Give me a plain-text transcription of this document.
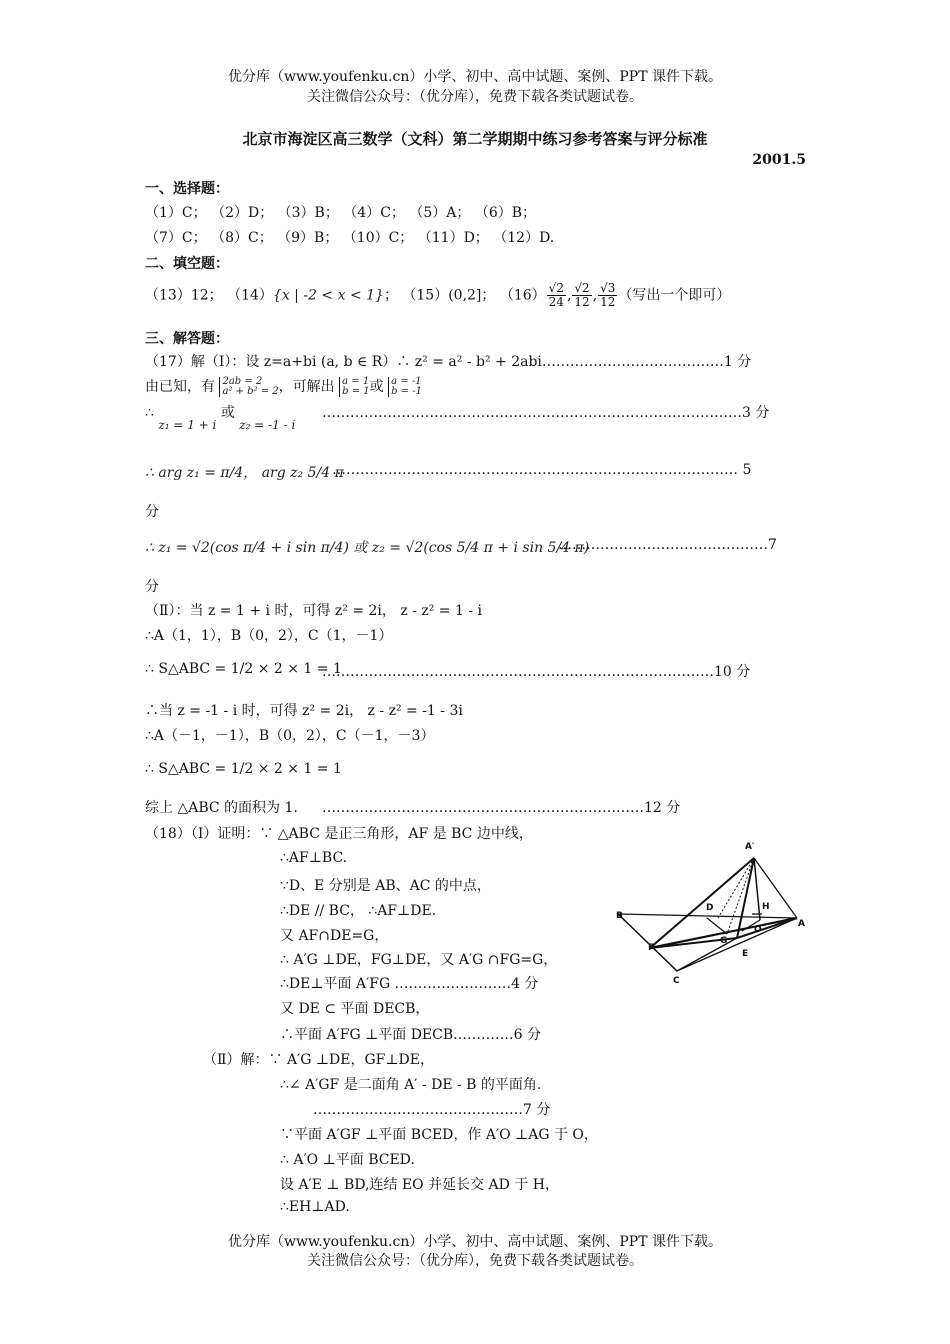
优分库（www.youfenku.cn）小学、初中、高中试题、案例、PPT 课件下载。
关注微信公众号：（优分库），免费下载各类试题试卷。
北京市海淀区高三数学（文科）第二学期期中练习参考答案与评分标准
2001.5
一、选择题：
（1）C； （2）D； （3）B； （4）C； （5）A； （6）B；
（7）C； （8）C； （9）B； （10）C； （11）D； （12）D.
二、填空题：
（13）12； （14）{x | -2 < x < 1}； （15）(0,2]； $(16) \frac{√2}{24}$ , $\frac{√2}{12}$ , $\frac{√3}{12}$ （写出一个即可）
三、解答题：
（17）解（I）：设 z=a+bi (a, b ∈ R）∴ z² = a² - b² + 2abi…………………………………1 分
由已知，有 2ab = 2
a² + b² = 2 ，可解出 a = 1
b = 1 或 a = -1
b = -1
∴ z₁ = 1 + i 或 z₂ = -1 - i
………………………………………………………………………………3 分
∴ arg z₁ = π/4， arg z₂ 5/4 π
…………………………………………………………………………… 5
分
∴ z₁ = √2(cos π/4 + i sin π/4) 或 z₂ = √2(cos 5/4 π + i sin 5/4 π)
………………………………………7
分
（Ⅱ）：当 z = 1 + i 时，可得 z² = 2i， z - z² = 1 - i
∴A（1，1），B（0，2），C（1，－1）
∴ S△ABC = 1/2 × 2 × 1 = 1
…………………………………………………………………………10 分
∴当 z = -1 - i 时，可得 z² = 2i， z - z² = -1 - 3i
∴A（－1，－1），B（0，2），C（－1，－3）
∴ S△ABC = 1/2 × 2 × 1 = 1
综上 △ABC 的面积为 1. ……………………………………………………………12 分
（18）（I）证明：∵ △ABC 是正三角形，AF 是 BC 边中线，
∴AF⊥BC.
∵D、E 分别是 AB、AC 的中点，
∴DE // BC， ∴AF⊥DE.
又 AF∩DE=G，
∴ A′G ⊥DE，FG⊥DE，又 A′G ∩FG=G，
∴DE⊥平面 A′FG .……………………4 分
又 DE ⊂ 平面 DECB，
∴平面 A′FG ⊥平面 DECB.…………6 分
（Ⅱ）解：∵ A′G ⊥DE，GF⊥DE，
∴∠ A′GF 是二面角 A′ - DE - B 的平面角.
………………………………………7 分
∵平面 A′GF ⊥平面 BCED，作 A′O ⊥AG 于 O，
∴ A′O ⊥平面 BCED.
设 A′E ⊥ BD,连结 EO 并延长交 AD 于 H，
∴EH⊥AD.
A′
B
D	H
A
F
G
O
E
C
优分库（www.youfenku.cn）小学、初中、高中试题、案例、PPT 课件下载。
关注微信公众号：（优分库），免费下载各类试题试卷。
